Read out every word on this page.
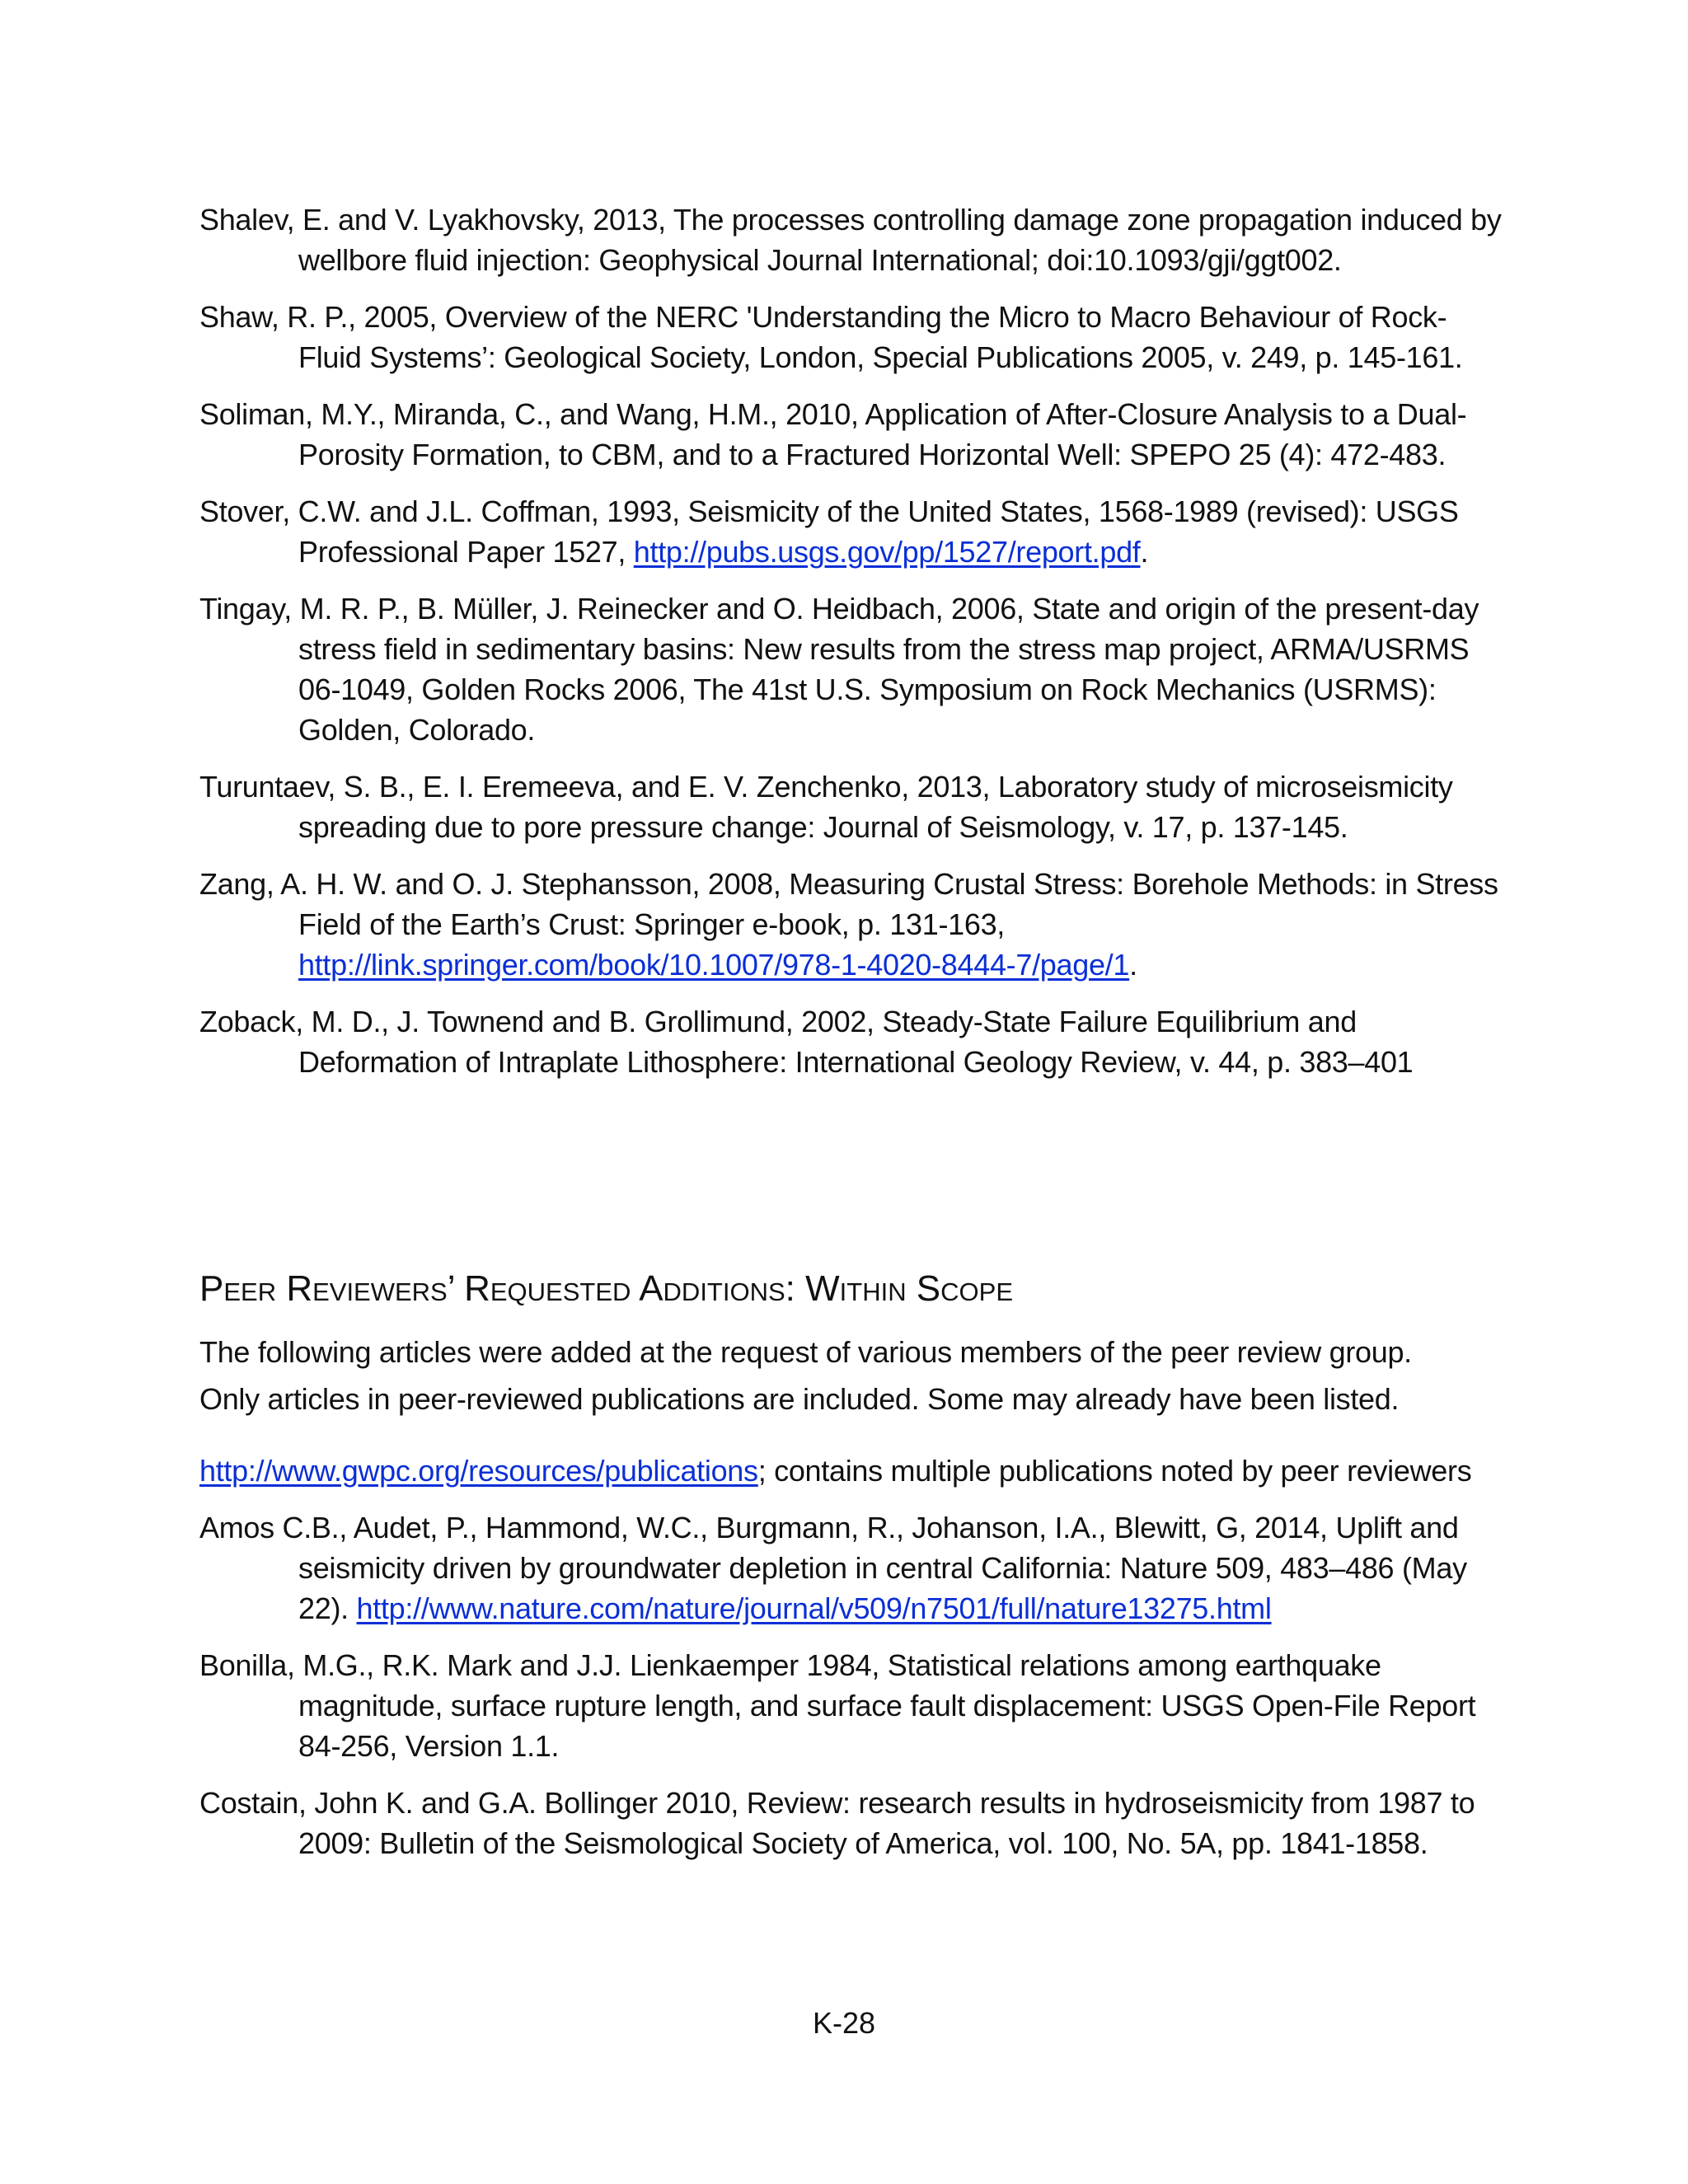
Shalev, E. and V. Lyakhovsky, 2013, The processes controlling damage zone propagation induced by wellbore fluid injection: Geophysical Journal International; doi:10.1093/gji/ggt002.

Shaw, R. P., 2005, Overview of the NERC 'Understanding the Micro to Macro Behaviour of Rock-Fluid Systems’: Geological Society, London, Special Publications 2005, v. 249, p. 145-161.

Soliman, M.Y., Miranda, C., and Wang, H.M., 2010, Application of After-Closure Analysis to a Dual-Porosity Formation, to CBM, and to a Fractured Horizontal Well: SPEPO 25 (4): 472-483.

Stover, C.W. and J.L. Coffman, 1993, Seismicity of the United States, 1568-1989 (revised): USGS Professional Paper 1527, http://pubs.usgs.gov/pp/1527/report.pdf.

Tingay, M. R. P., B. Müller, J. Reinecker and O. Heidbach, 2006, State and origin of the present-day stress field in sedimentary basins: New results from the stress map project, ARMA/USRMS 06-1049, Golden Rocks 2006, The 41st U.S. Symposium on Rock Mechanics (USRMS): Golden, Colorado.

Turuntaev, S. B., E. I. Eremeeva, and E. V. Zenchenko, 2013, Laboratory study of microseismicity spreading due to pore pressure change: Journal of Seismology, v. 17, p. 137-145.

Zang, A. H. W. and O. J. Stephansson, 2008, Measuring Crustal Stress: Borehole Methods: in Stress Field of the Earth’s Crust: Springer e-book, p. 131-163, http://link.springer.com/book/10.1007/978-1-4020-8444-7/page/1.

Zoback, M. D., J. Townend and B. Grollimund, 2002, Steady-State Failure Equilibrium and Deformation of Intraplate Lithosphere: International Geology Review, v. 44, p. 383–401

Peer Reviewers’ Requested Additions: Within Scope

The following articles were added at the request of various members of the peer review group.

Only articles in peer-reviewed publications are included. Some may already have been listed.

http://www.gwpc.org/resources/publications; contains multiple publications noted by peer reviewers

Amos C.B., Audet, P., Hammond, W.C., Burgmann, R., Johanson, I.A., Blewitt, G, 2014, Uplift and seismicity driven by groundwater depletion in central California: Nature 509, 483–486 (May 22). http://www.nature.com/nature/journal/v509/n7501/full/nature13275.html

Bonilla, M.G., R.K. Mark and J.J. Lienkaemper 1984, Statistical relations among earthquake magnitude, surface rupture length, and surface fault displacement: USGS Open-File Report 84-256, Version 1.1.

Costain, John K. and G.A. Bollinger 2010, Review: research results in hydroseismicity from 1987 to 2009: Bulletin of the Seismological Society of America, vol. 100, No. 5A, pp. 1841-1858.

K-28
